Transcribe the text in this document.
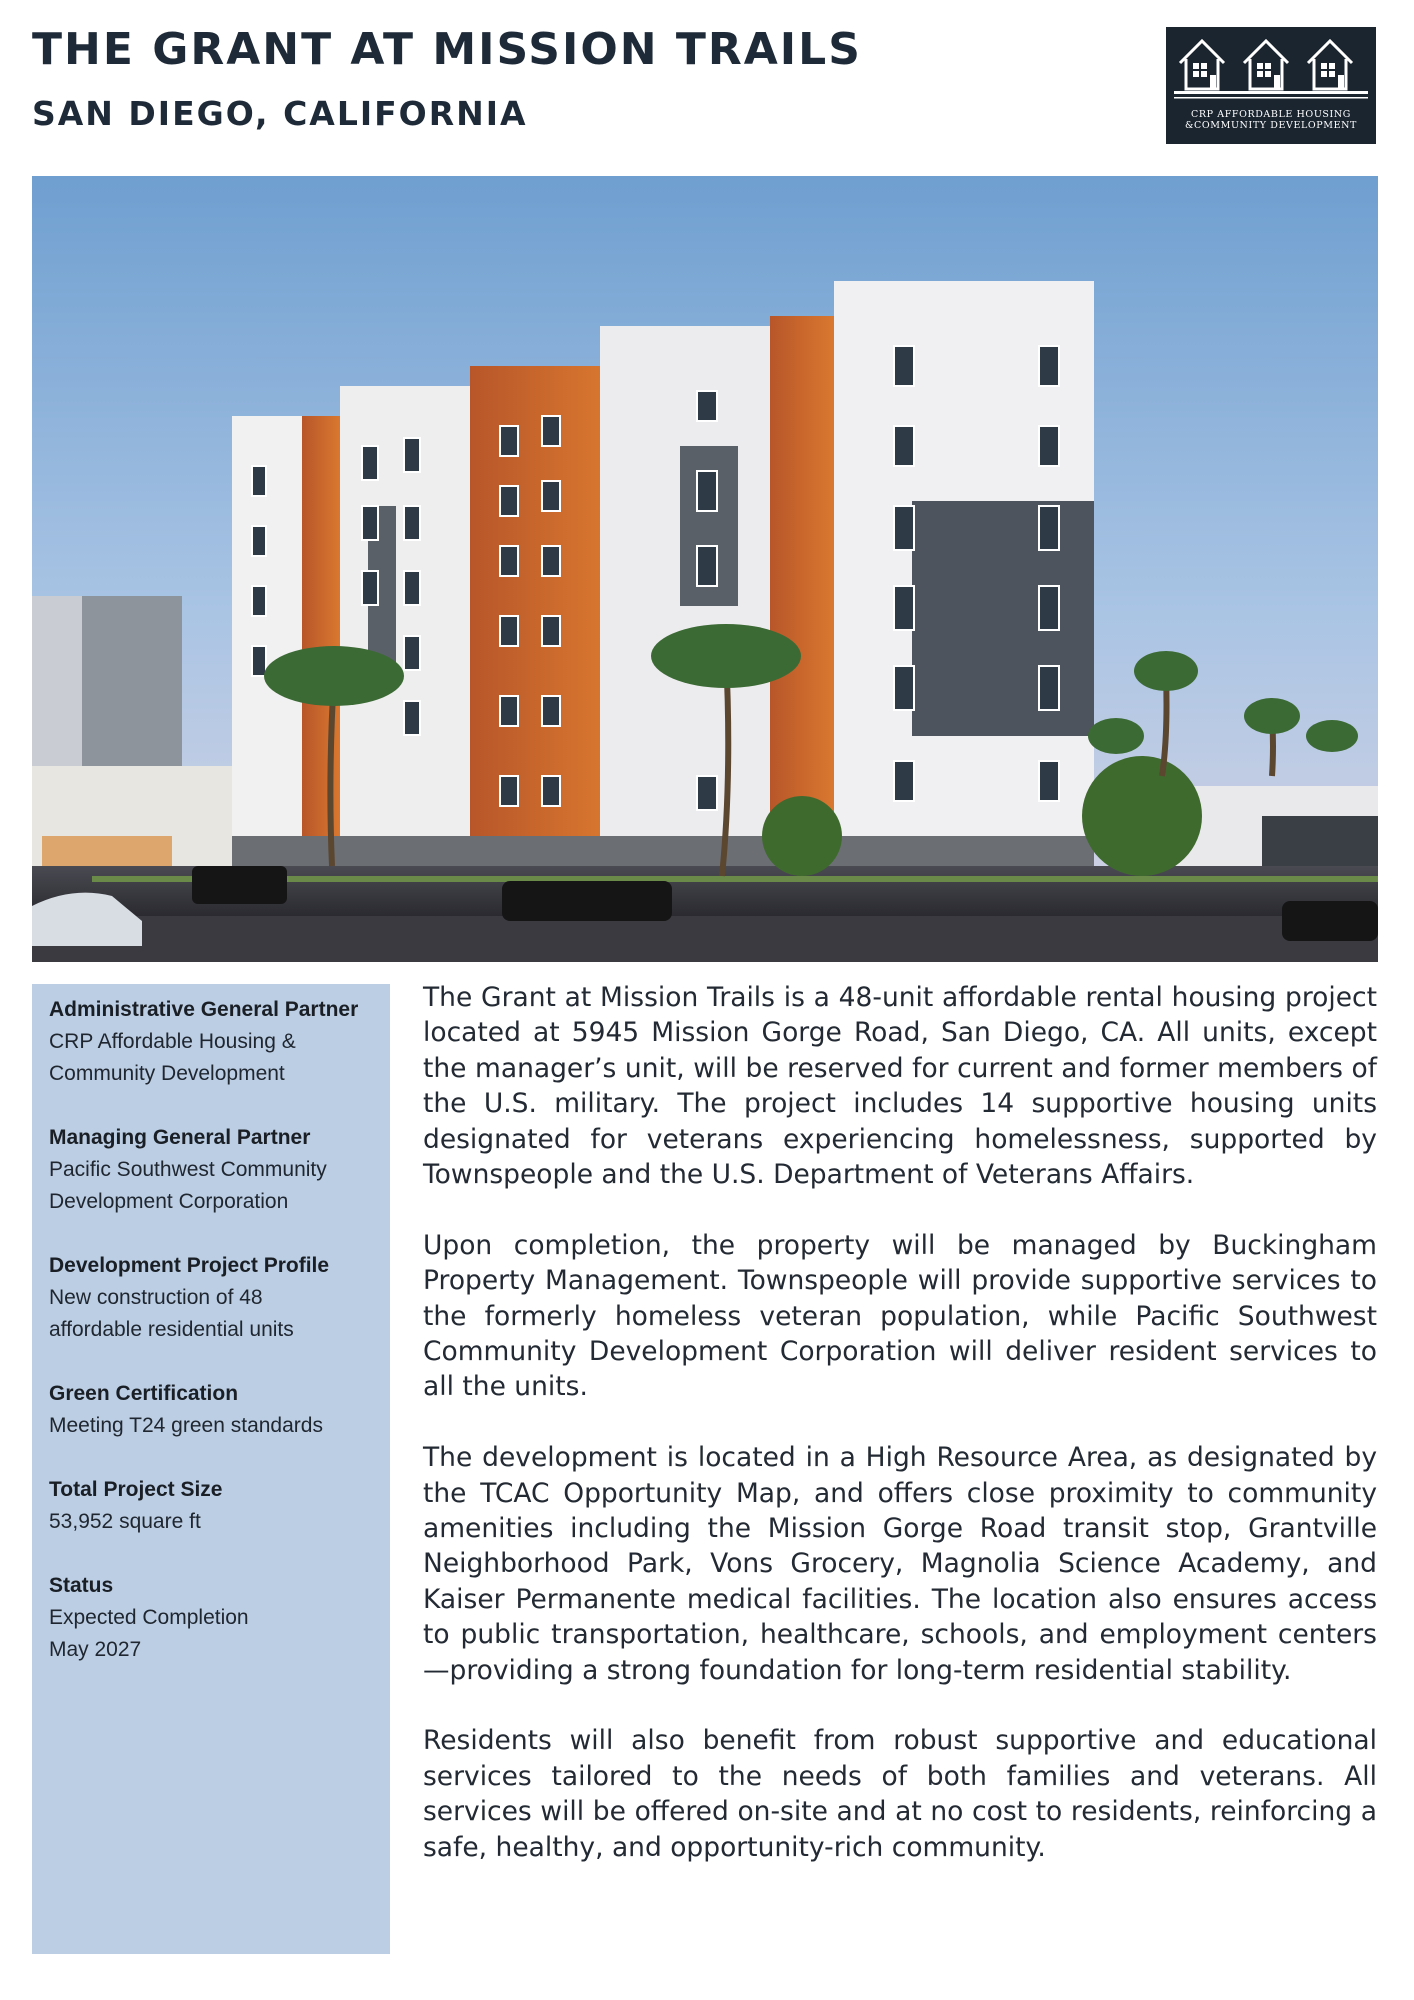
THE GRANT AT MISSION TRAILS
SAN DIEGO, CALIFORNIA	CRP AFFORDABLE HOUSING
&COMMUNITY DEVELOPMENT
Administrative General Partner
CRP Affordable Housing &
Community Development
Managing General Partner
Pacific Southwest Community
Development Corporation
Development Project Profile
New construction of 48
affordable residential units
Green Certification
Meeting T24 green standards
Total Project Size
53,952 square ft
Status
Expected Completion
May 2027

The Grant at Mission Trails is a 48-unit affordable rental housing project located at 5945 Mission Gorge Road, San Diego, CA. All units, except the manager’s unit, will be reserved for current and former members of the U.S. military. The project includes 14 supportive housing units designated for veterans experiencing homelessness, supported by Townspeople and the U.S. Department of Veterans Affairs.

Upon completion, the property will be managed by Buckingham Property Management. Townspeople will provide supportive services to the formerly homeless veteran population, while Pacific Southwest Community Development Corporation will deliver resident services to all the units.

The development is located in a High Resource Area, as designated by the TCAC Opportunity Map, and offers close proximity to community amenities including the Mission Gorge Road transit stop, Grantville Neighborhood Park, Vons Grocery, Magnolia Science Academy, and Kaiser Permanente medical facilities. The location also ensures access to public transportation, healthcare, schools, and employment centers—providing a strong foundation for long-term residential stability.

Residents will also benefit from robust supportive and educational services tailored to the needs of both families and veterans. All services will be offered on-site and at no cost to residents, reinforcing a safe, healthy, and opportunity-rich community.
